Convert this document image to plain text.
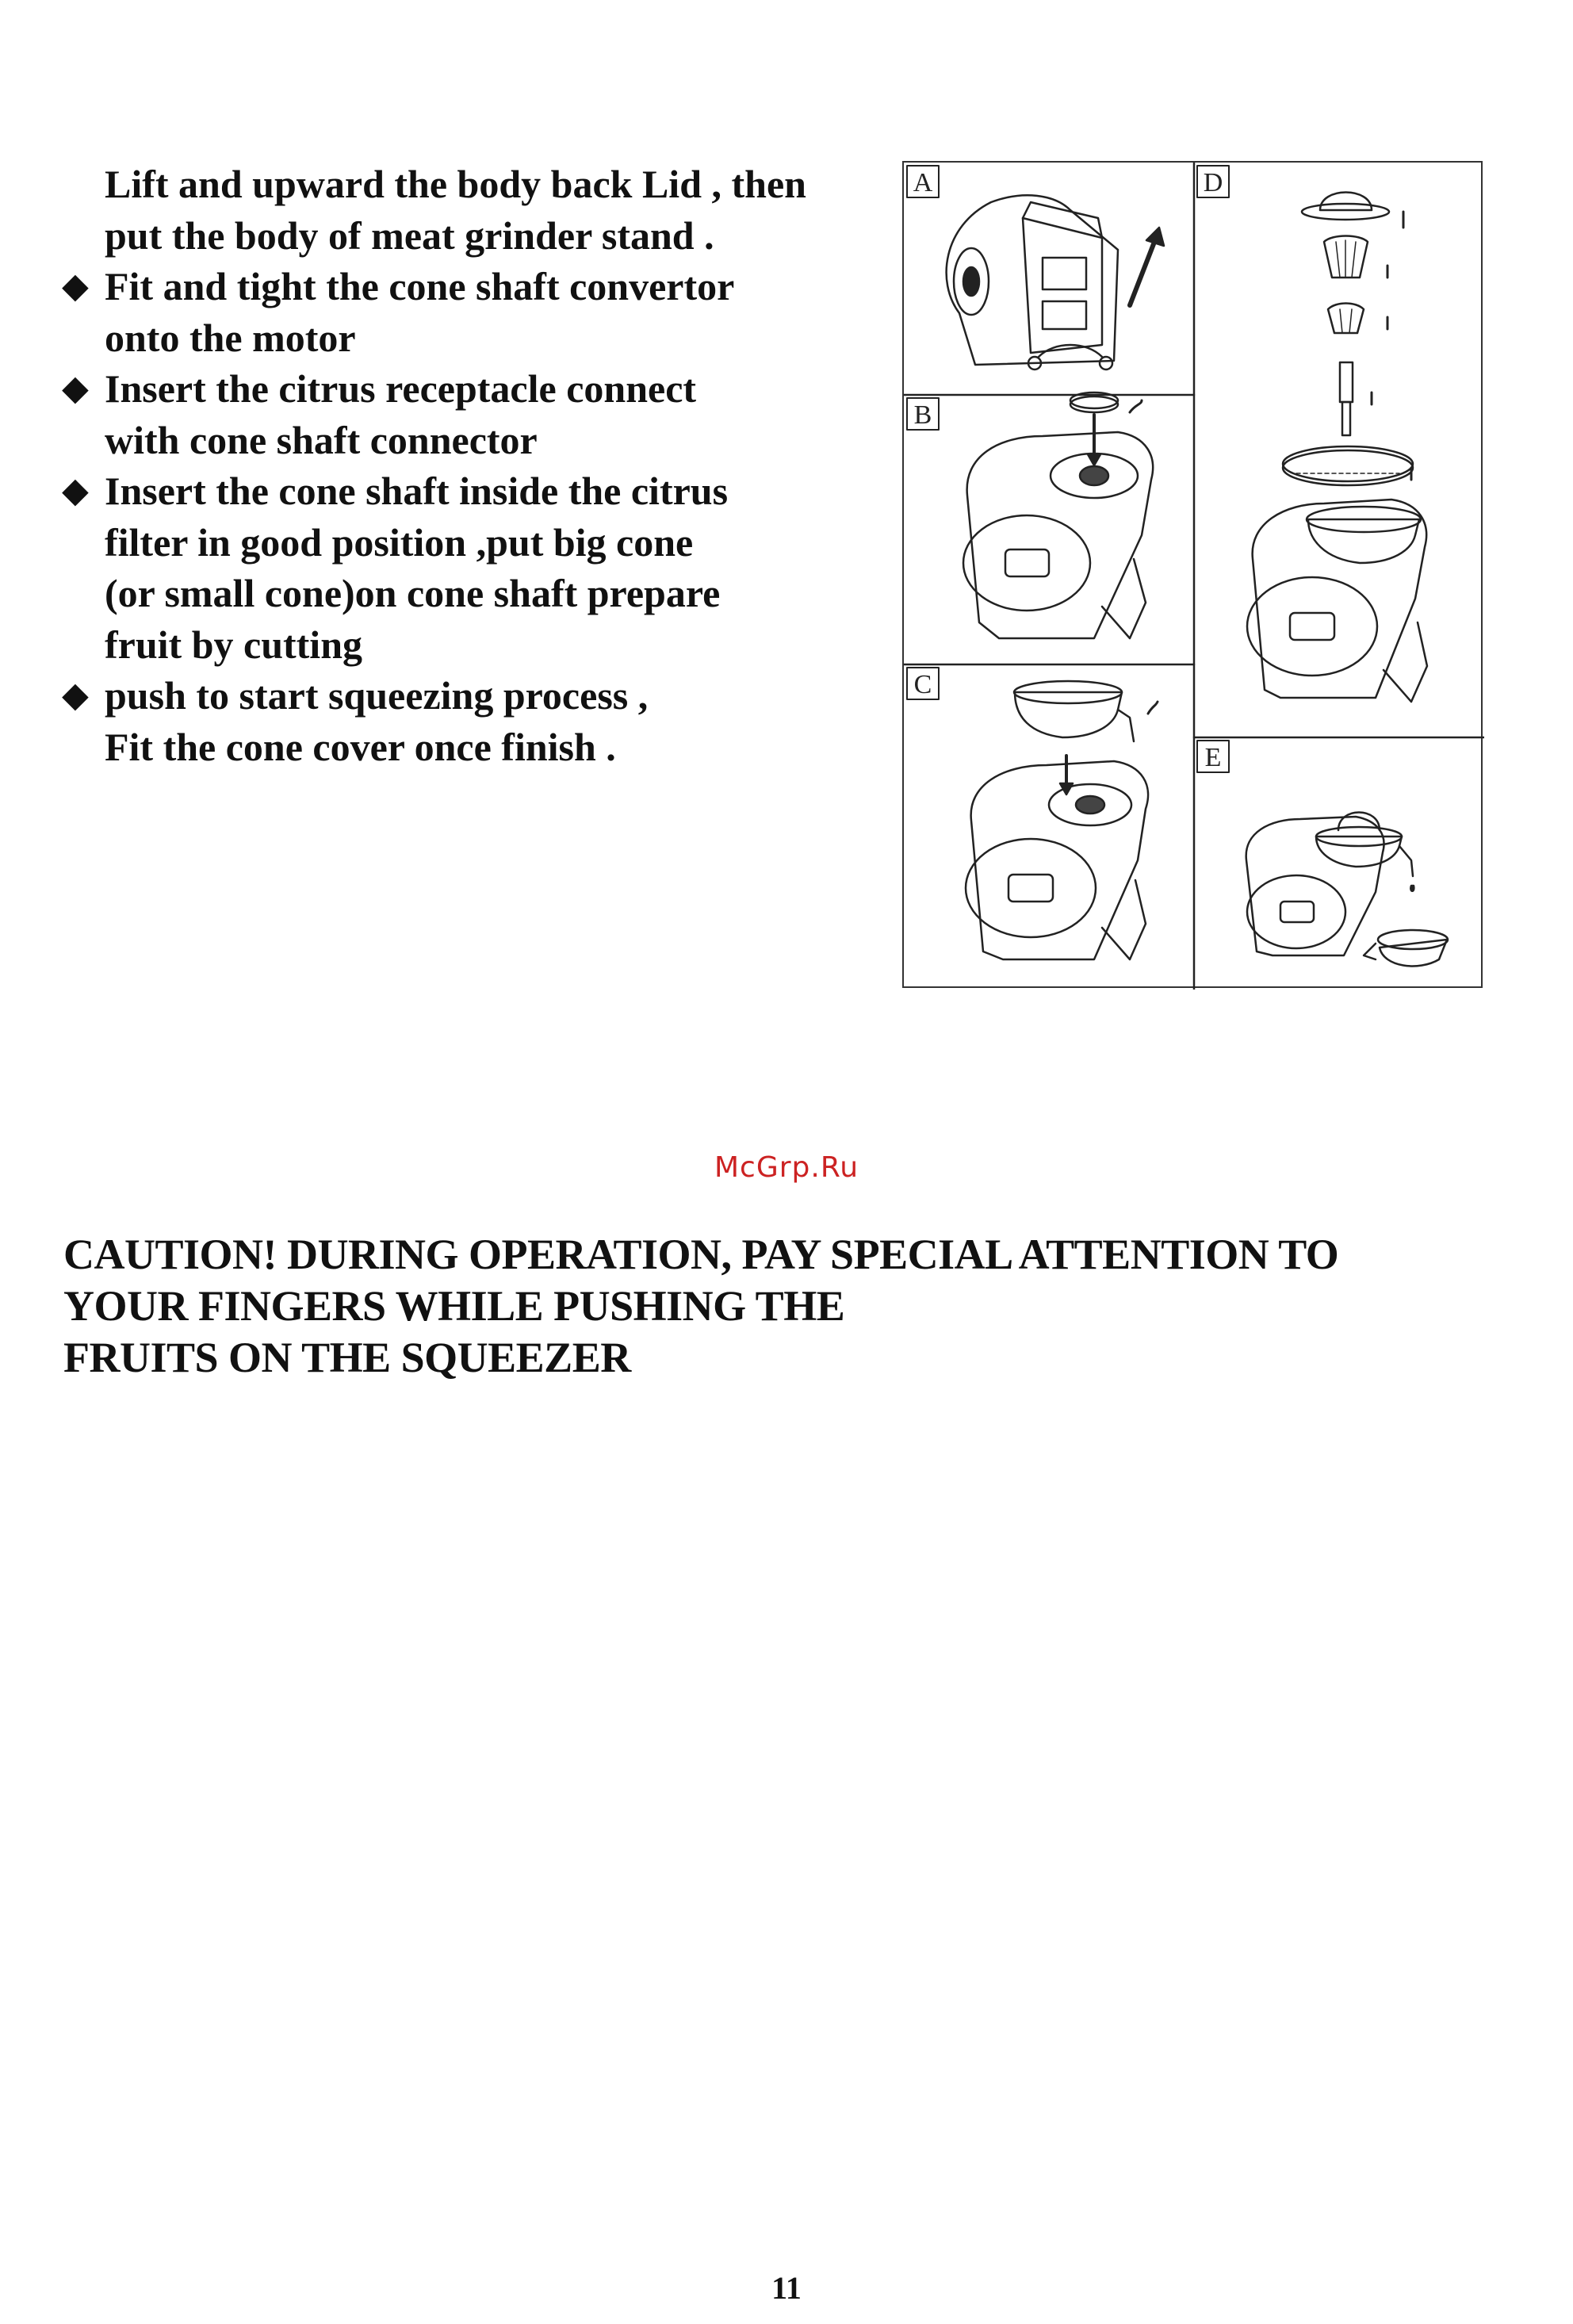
Lift and upward the body back Lid , then
put the body of meat grinder stand .
◆ Fit and tight the cone shaft convertor
onto the motor
◆ Insert the citrus receptacle connect
with cone shaft connector
◆ Insert the cone shaft inside the citrus
filter in good position ,put big cone
(or small cone)on cone shaft prepare
fruit by cutting
◆ push to start squeezing process ,
Fit the cone cover once finish .
A
B
C
D
E
McGrp.Ru
CAUTION! DURING OPERATION, PAY SPECIAL ATTENTION TO
YOUR FINGERS WHILE PUSHING THE
FRUITS ON THE SQUEEZER
11
